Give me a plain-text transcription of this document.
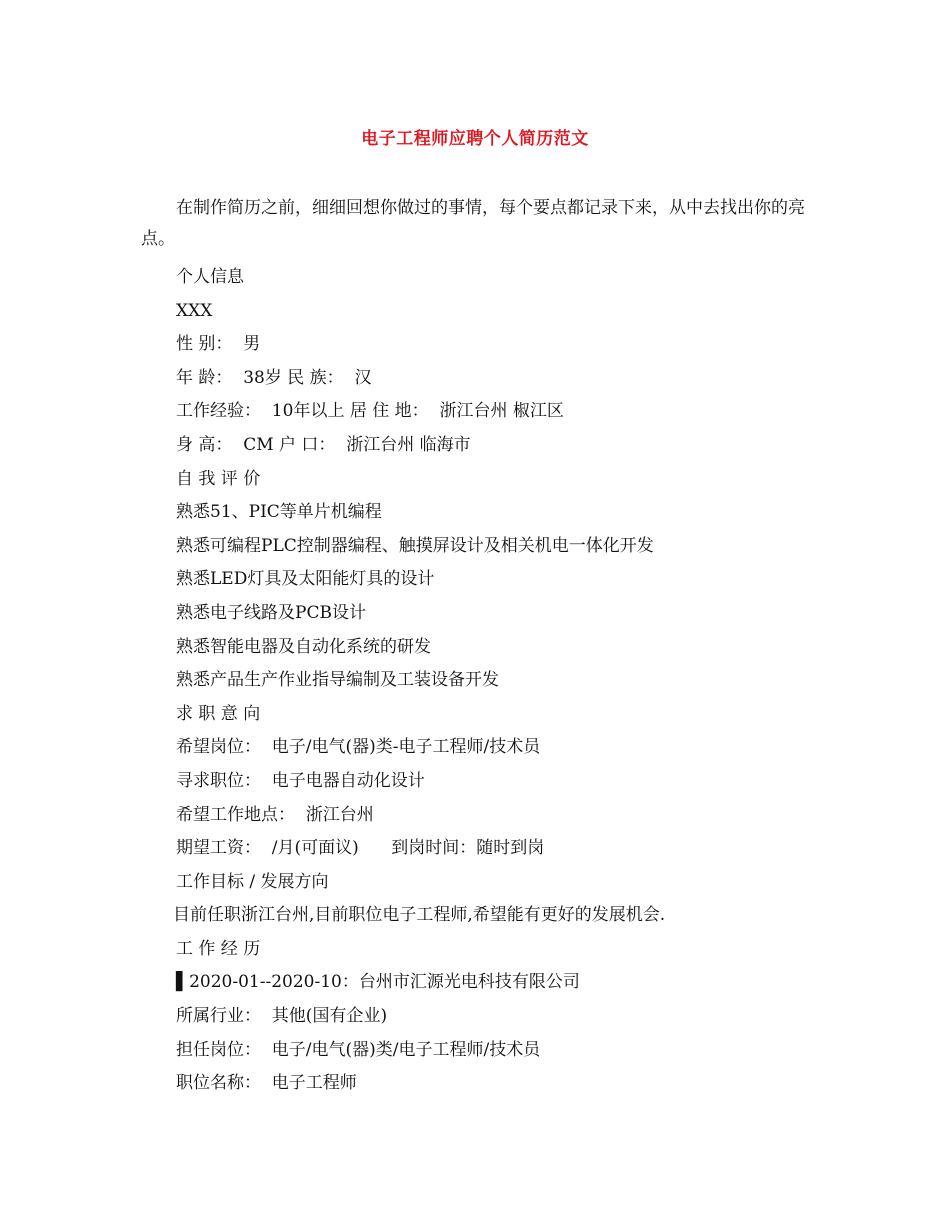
电子工程师应聘个人简历范文
在制作简历之前，细细回想你做过的事情，每个要点都记录下来，从中去找出你的亮点。
个人信息
XXX
性 别：  男
年 龄：  38岁 民 族：  汉
工作经验：  10年以上 居 住 地：  浙江台州 椒江区
身 高：  CM 户 口：  浙江台州 临海市
自 我 评 价
熟悉51、PIC等单片机编程
熟悉可编程PLC控制器编程、触摸屏设计及相关机电一体化开发
熟悉LED灯具及太阳能灯具的设计
熟悉电子线路及PCB设计
熟悉智能电器及自动化系统的研发
熟悉产品生产作业指导编制及工装设备开发
求 职 意 向
希望岗位：  电子/电气(器)类-电子工程师/技术员
寻求职位：  电子电器自动化设计
希望工作地点：  浙江台州
期望工资：  /月(可面议)      到岗时间：随时到岗
工作目标 / 发展方向
目前任职浙江台州,目前职位电子工程师,希望能有更好的发展机会.
工 作 经 历
▌2020-01--2020-10：台州市汇源光电科技有限公司
所属行业：  其他(国有企业)
担任岗位：  电子/电气(器)类/电子工程师/技术员
职位名称：  电子工程师
